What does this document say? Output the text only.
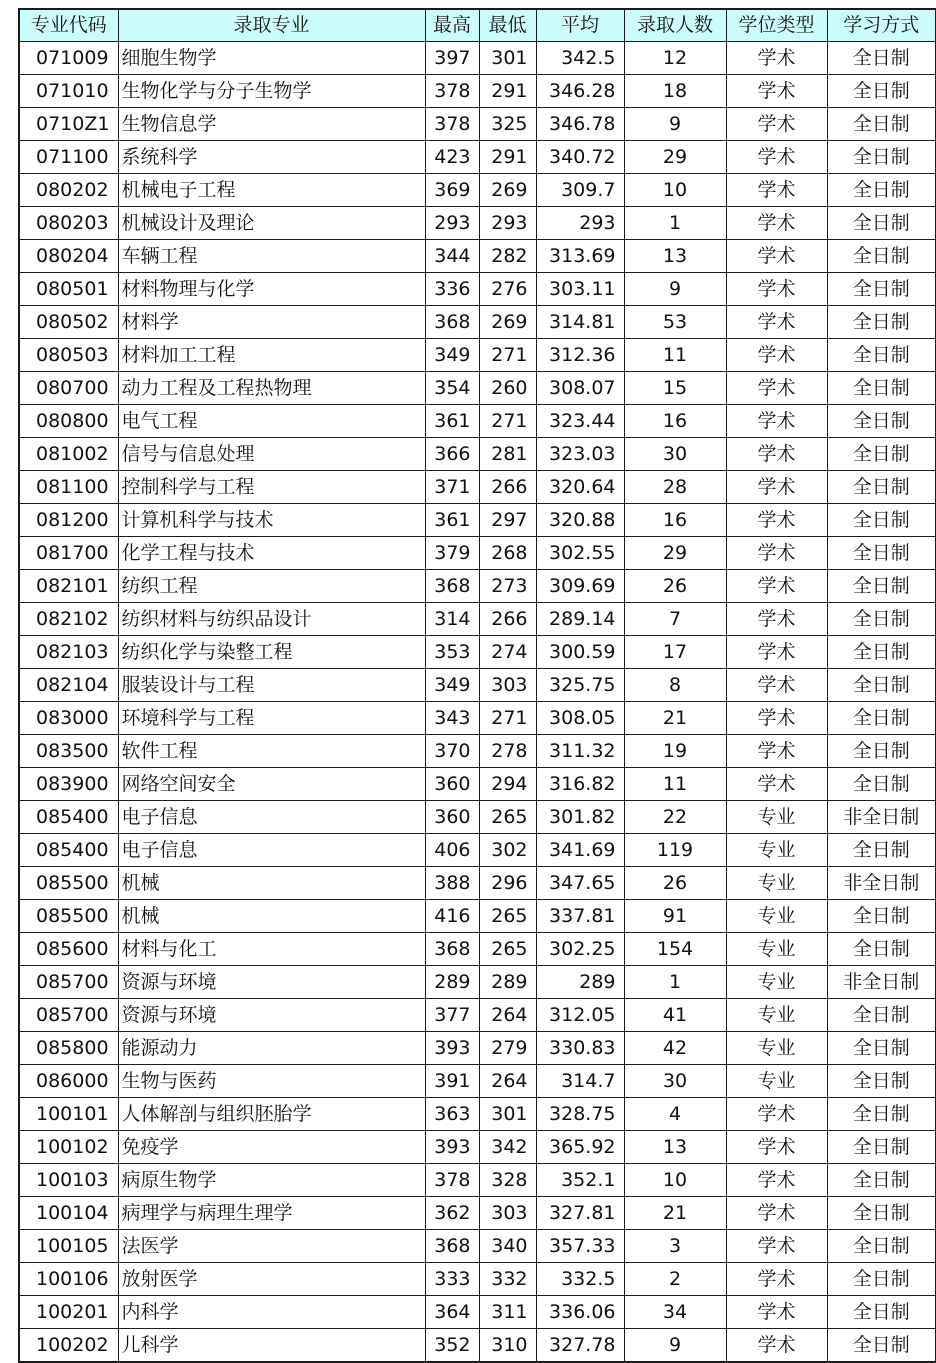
专业代码	录取专业	最高	最低	平均	录取人数	学位类型	学习方式
071009	细胞生物学	397	301	342.5	12	学术	全日制
071010	生物化学与分子生物学	378	291	346.28	18	学术	全日制
0710Z1	生物信息学	378	325	346.78	9	学术	全日制
071100	系统科学	423	291	340.72	29	学术	全日制
080202	机械电子工程	369	269	309.7	10	学术	全日制
080203	机械设计及理论	293	293	293	1	学术	全日制
080204	车辆工程	344	282	313.69	13	学术	全日制
080501	材料物理与化学	336	276	303.11	9	学术	全日制
080502	材料学	368	269	314.81	53	学术	全日制
080503	材料加工工程	349	271	312.36	11	学术	全日制
080700	动力工程及工程热物理	354	260	308.07	15	学术	全日制
080800	电气工程	361	271	323.44	16	学术	全日制
081002	信号与信息处理	366	281	323.03	30	学术	全日制
081100	控制科学与工程	371	266	320.64	28	学术	全日制
081200	计算机科学与技术	361	297	320.88	16	学术	全日制
081700	化学工程与技术	379	268	302.55	29	学术	全日制
082101	纺织工程	368	273	309.69	26	学术	全日制
082102	纺织材料与纺织品设计	314	266	289.14	7	学术	全日制
082103	纺织化学与染整工程	353	274	300.59	17	学术	全日制
082104	服装设计与工程	349	303	325.75	8	学术	全日制
083000	环境科学与工程	343	271	308.05	21	学术	全日制
083500	软件工程	370	278	311.32	19	学术	全日制
083900	网络空间安全	360	294	316.82	11	学术	全日制
085400	电子信息	360	265	301.82	22	专业	非全日制
085400	电子信息	406	302	341.69	119	专业	全日制
085500	机械	388	296	347.65	26	专业	非全日制
085500	机械	416	265	337.81	91	专业	全日制
085600	材料与化工	368	265	302.25	154	专业	全日制
085700	资源与环境	289	289	289	1	专业	非全日制
085700	资源与环境	377	264	312.05	41	专业	全日制
085800	能源动力	393	279	330.83	42	专业	全日制
086000	生物与医药	391	264	314.7	30	专业	全日制
100101	人体解剖与组织胚胎学	363	301	328.75	4	学术	全日制
100102	免疫学	393	342	365.92	13	学术	全日制
100103	病原生物学	378	328	352.1	10	学术	全日制
100104	病理学与病理生理学	362	303	327.81	21	学术	全日制
100105	法医学	368	340	357.33	3	学术	全日制
100106	放射医学	333	332	332.5	2	学术	全日制
100201	内科学	364	311	336.06	34	学术	全日制
100202	儿科学	352	310	327.78	9	学术	全日制
